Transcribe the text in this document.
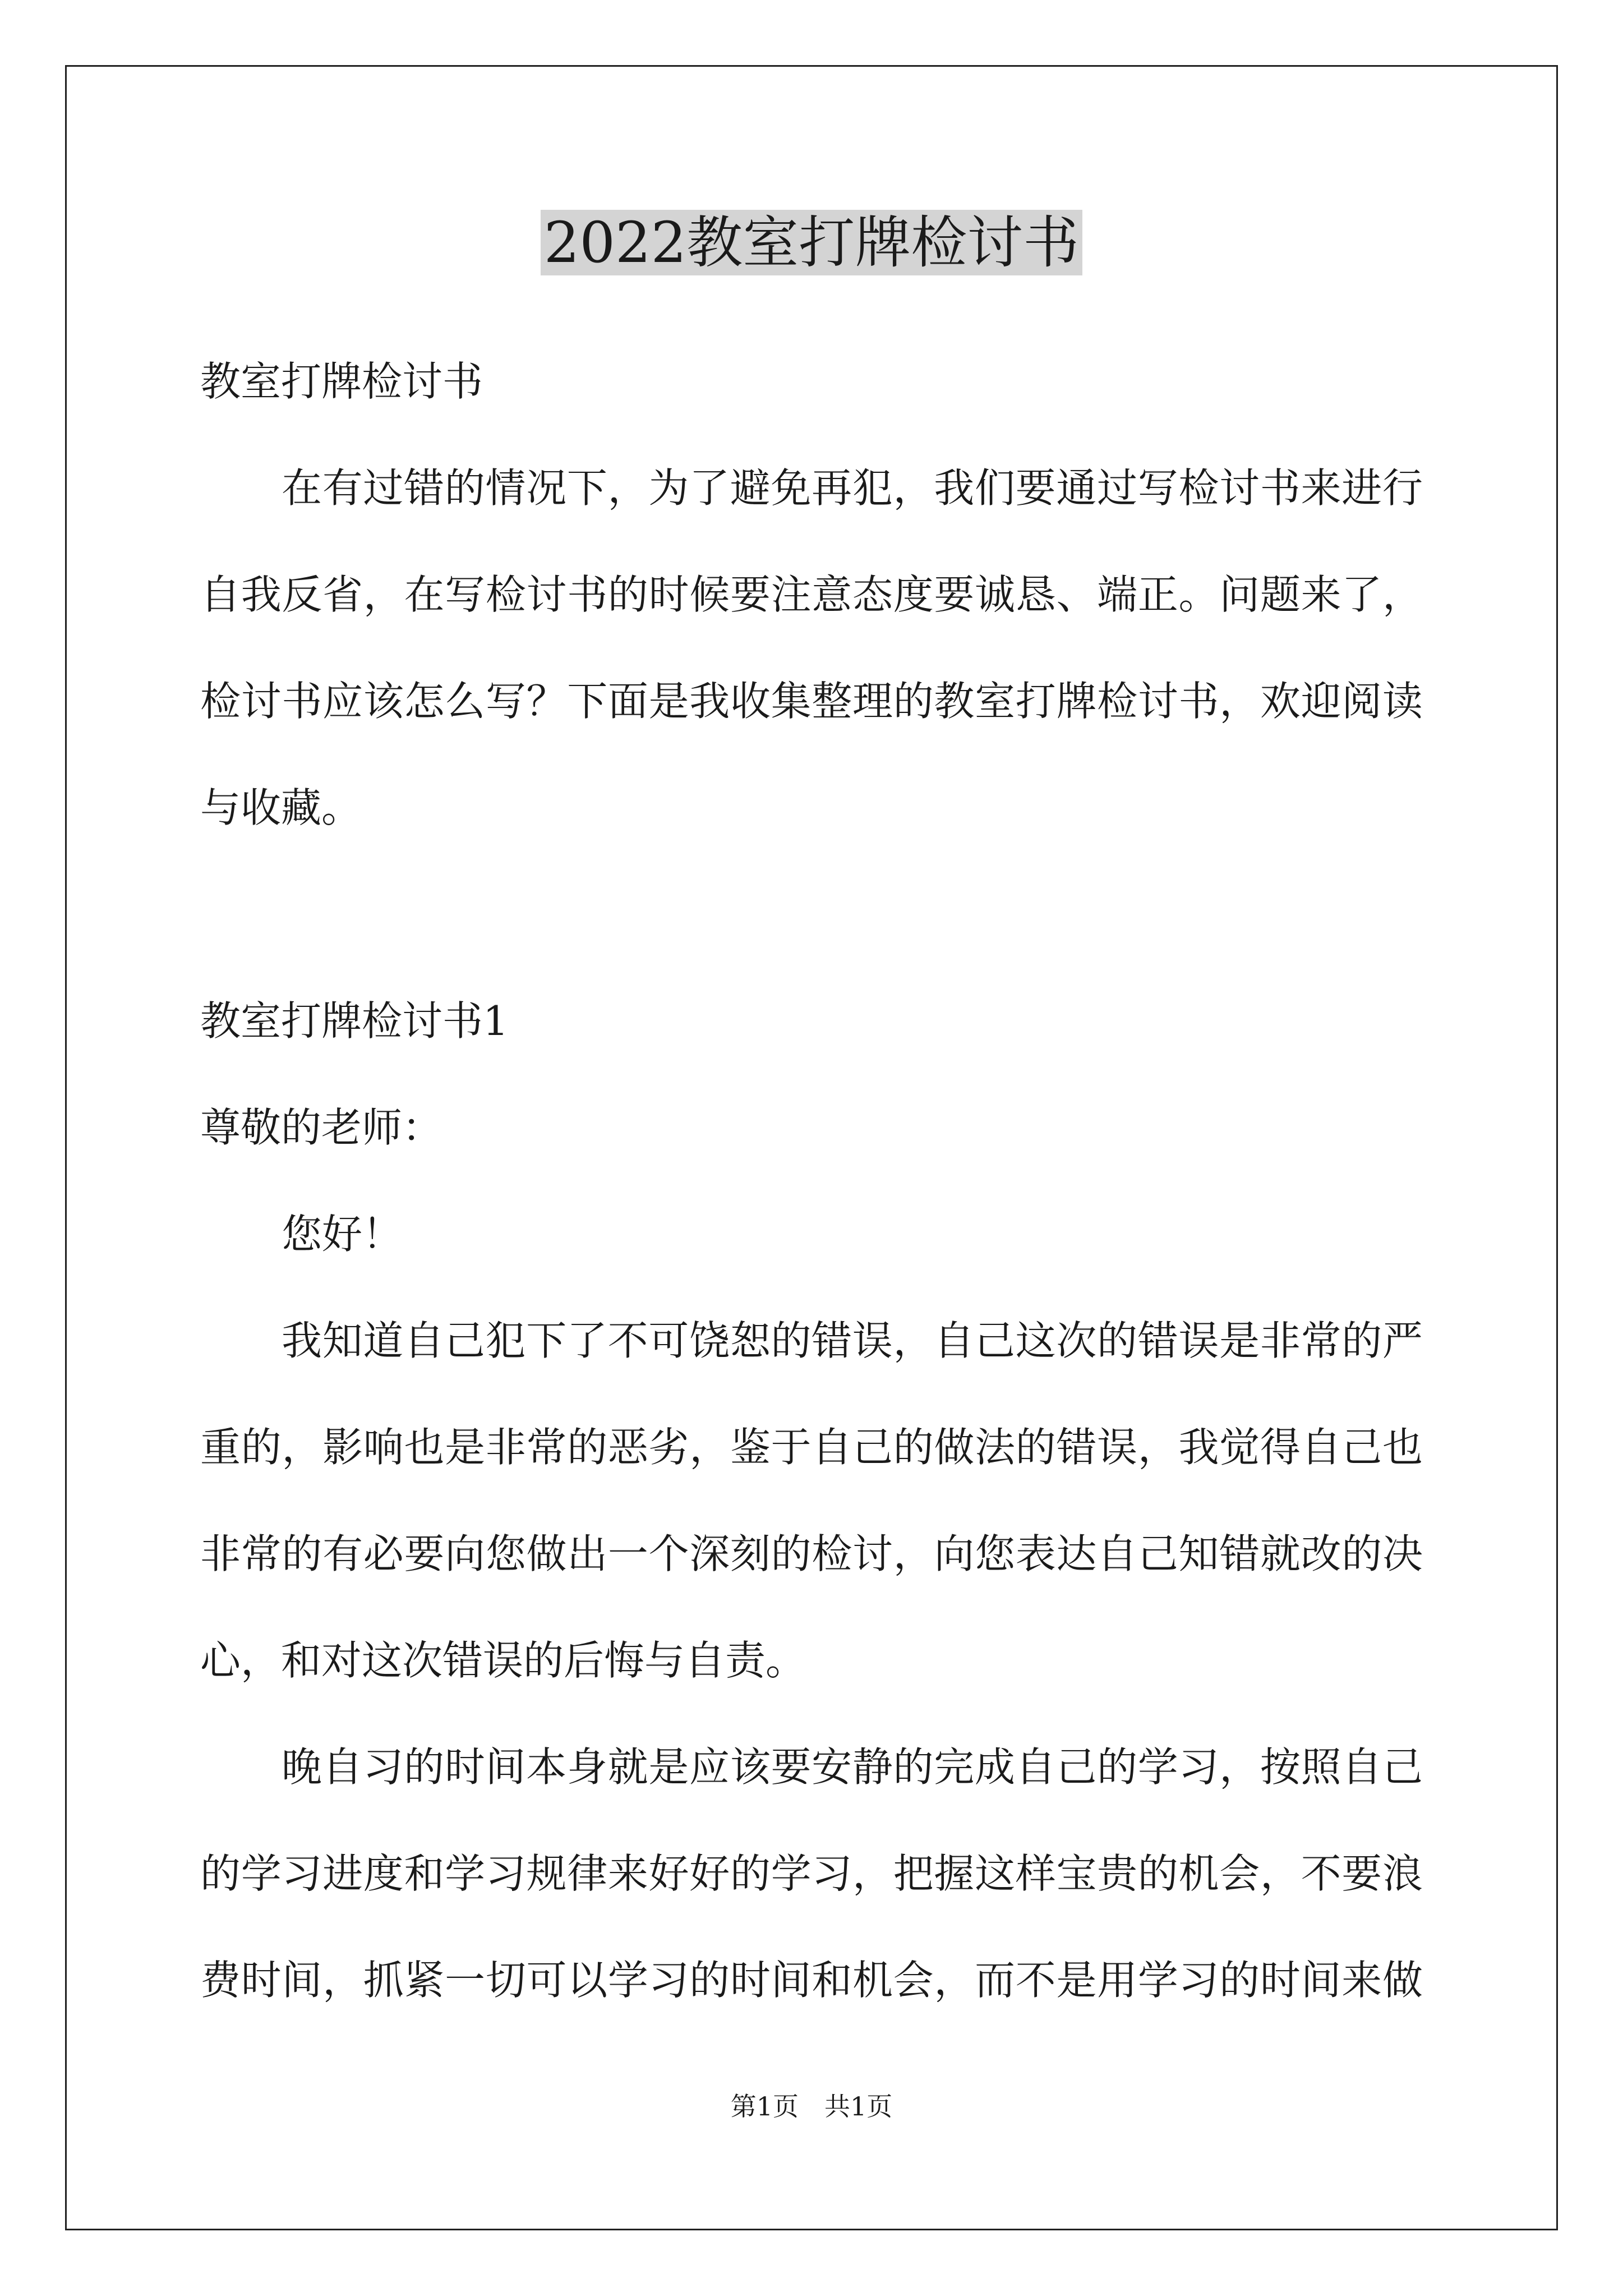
2022教室打牌检讨书
教室打牌检讨书
在有过错的情况下，为了避免再犯，我们要通过写检讨书来进行
自我反省，在写检讨书的时候要注意态度要诚恳、端正。问题来了，
检讨书应该怎么写？下面是我收集整理的教室打牌检讨书，欢迎阅读
与收藏。
教室打牌检讨书1
尊敬的老师：
您好！
我知道自己犯下了不可饶恕的错误，自己这次的错误是非常的严
重的，影响也是非常的恶劣，鉴于自己的做法的错误，我觉得自己也
非常的有必要向您做出一个深刻的检讨，向您表达自己知错就改的决
心，和对这次错误的后悔与自责。
晚自习的时间本身就是应该要安静的完成自己的学习，按照自己
的学习进度和学习规律来好好的学习，把握这样宝贵的机会，不要浪
费时间，抓紧一切可以学习的时间和机会，而不是用学习的时间来做
第1页　共1页
